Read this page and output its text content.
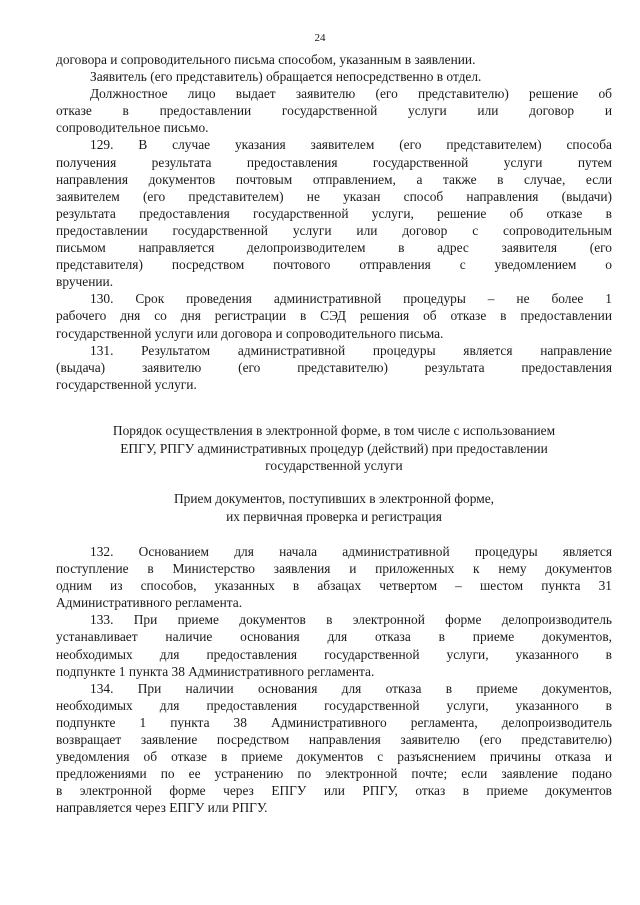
24
договора и сопроводительного письма способом, указанным в заявлении.
Заявитель (его представитель) обращается непосредственно в отдел.
Должностное лицо выдает заявителю (его представителю) решение об
отказе в предоставлении государственной услуги или договор и
сопроводительное письмо.
129. В случае указания заявителем (его представителем) способа
получения результата предоставления государственной услуги путем
направления документов почтовым отправлением, а также в случае, если
заявителем (его представителем) не указан способ направления (выдачи)
результата предоставления государственной услуги, решение об отказе в
предоставлении государственной услуги или договор с сопроводительным
письмом направляется делопроизводителем в адрес заявителя (его
представителя) посредством почтового отправления с уведомлением о
вручении.
130. Срок проведения административной процедуры – не более 1
рабочего дня со дня регистрации в СЭД решения об отказе в предоставлении
государственной услуги или договора и сопроводительного письма.
131. Результатом административной процедуры является направление
(выдача) заявителю (его представителю) результата предоставления
государственной услуги.
Порядок осуществления в электронной форме, в том числе с использованием
ЕПГУ, РПГУ административных процедур (действий) при предоставлении
государственной услуги
Прием документов, поступивших в электронной форме,
их первичная проверка и регистрация
132. Основанием для начала административной процедуры является
поступление в Министерство заявления и приложенных к нему документов
одним из способов, указанных в абзацах четвертом – шестом пункта 31
Административного регламента.
133. При приеме документов в электронной форме делопроизводитель
устанавливает наличие основания для отказа в приеме документов,
необходимых для предоставления государственной услуги, указанного в
подпункте 1 пункта 38 Административного регламента.
134. При наличии основания для отказа в приеме документов,
необходимых для предоставления государственной услуги, указанного в
подпункте 1 пункта 38 Административного регламента, делопроизводитель
возвращает заявление посредством направления заявителю (его представителю)
уведомления об отказе в приеме документов с разъяснением причины отказа и
предложениями по ее устранению по электронной почте; если заявление подано
в электронной форме через ЕПГУ или РПГУ, отказ в приеме документов
направляется через ЕПГУ или РПГУ.
